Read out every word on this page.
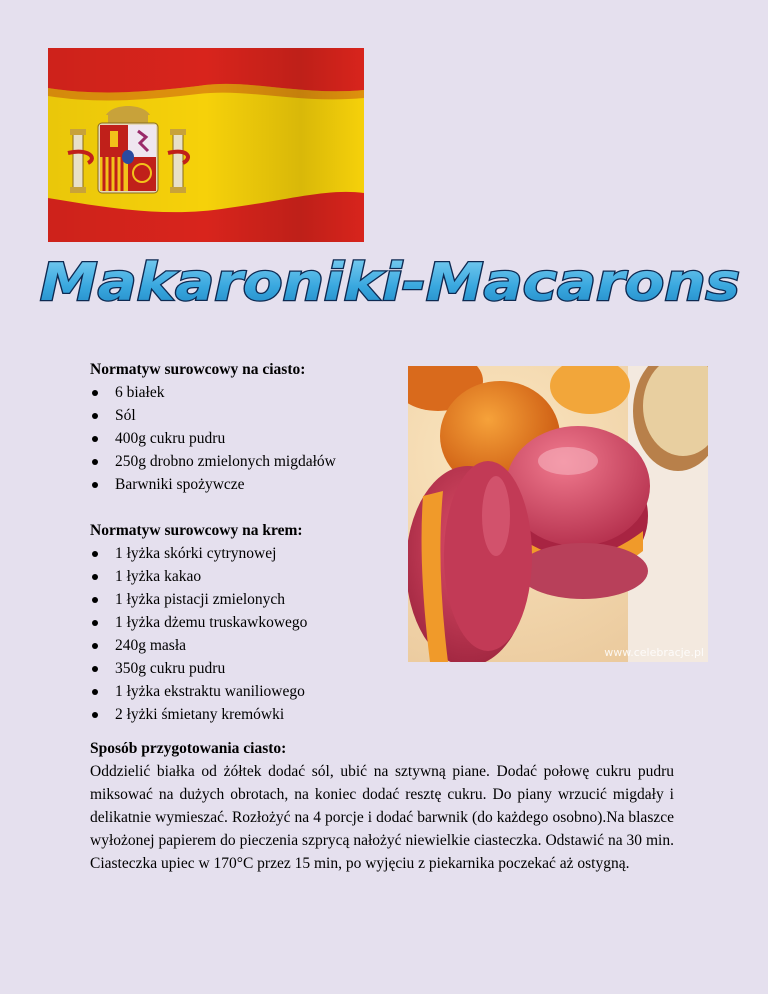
Makaroniki-Macarons

Normatyw surowcowy na ciasto:

6 białek
Sól
400g cukru pudru
250g drobno zmielonych migdałów
Barwniki spożywcze

Normatyw surowcowy na krem:

1 łyżka skórki cytrynowej
1 łyżka kakao
1 łyżka pistacji zmielonych
1 łyżka dżemu truskawkowego
240g masła
350g cukru pudru
1 łyżka ekstraktu waniliowego
2 łyżki śmietany kremówki
www.celebracje.pl

Sposób przygotowania ciasto:

Oddzielić białka od żółtek dodać sól, ubić na sztywną piane. Dodać połowę cukru pudru miksować na dużych obrotach, na koniec dodać resztę cukru. Do piany wrzucić migdały i delikatnie wymieszać. Rozłożyć na 4 porcje i dodać barwnik (do każdego osobno).Na blaszce wyłożonej papierem do pieczenia szprycą nałożyć niewielkie ciasteczka. Odstawić na 30 min. Ciasteczka upiec w 170°C przez 15 min, po wyjęciu z piekarnika poczekać aż ostygną.
